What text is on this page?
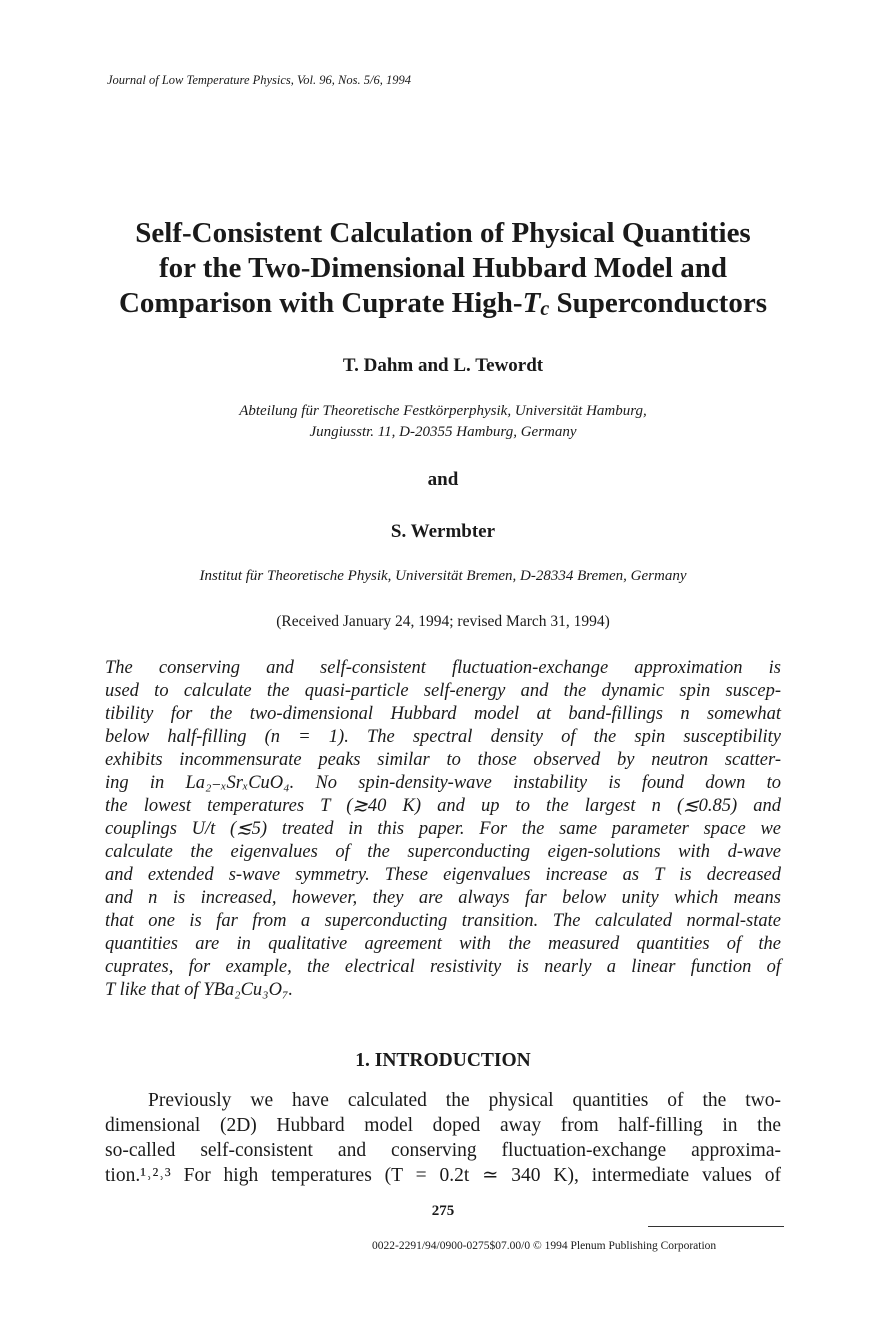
Journal of Low Temperature Physics, Vol. 96, Nos. 5/6, 1994
Self-Consistent Calculation of Physical Quantities
for the Two-Dimensional Hubbard Model and
Comparison with Cuprate High-Tc Superconductors
T. Dahm and L. Tewordt
Abteilung für Theoretische Festkörperphysik, Universität Hamburg,
Jungiusstr. 11, D-20355 Hamburg, Germany
and
S. Wermbter
Institut für Theoretische Physik, Universität Bremen, D-28334 Bremen, Germany
(Received January 24, 1994; revised March 31, 1994)
The conserving and self-consistent fluctuation-exchange approximation is
used to calculate the quasi-particle self-energy and the dynamic spin suscep-
tibility for the two-dimensional Hubbard model at band-fillings n somewhat
below half-filling (n = 1). The spectral density of the spin susceptibility
exhibits incommensurate peaks similar to those observed by neutron scatter-
ing in La₂₋ₓSrₓCuO₄. No spin-density-wave instability is found down to
the lowest temperatures T (≳40 K) and up to the largest n (≲0.85) and
couplings U/t (≲5) treated in this paper. For the same parameter space we
calculate the eigenvalues of the superconducting eigen-solutions with d-wave
and extended s-wave symmetry. These eigenvalues increase as T is decreased
and n is increased, however, they are always far below unity which means
that one is far from a superconducting transition. The calculated normal-state
quantities are in qualitative agreement with the measured quantities of the
cuprates, for example, the electrical resistivity is nearly a linear function of
T like that of YBa₂Cu₃O₇.
1. INTRODUCTION
Previously we have calculated the physical quantities of the two-
dimensional (2D) Hubbard model doped away from half-filling in the
so-called self-consistent and conserving fluctuation-exchange approxima-
tion.¹˒²˒³ For high temperatures (T = 0.2t ≃ 340 K), intermediate values of
275
0022-2291/94/0900-0275$07.00/0 © 1994 Plenum Publishing Corporation
